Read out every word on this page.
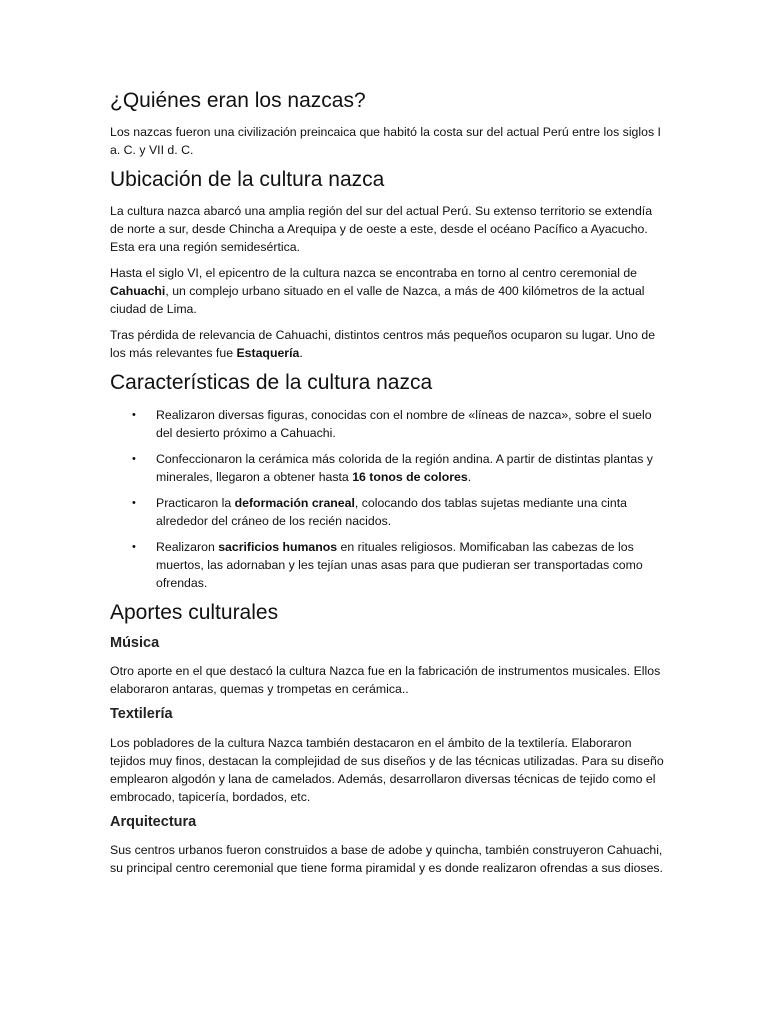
¿Quiénes eran los nazcas?

Los nazcas fueron una civilización preincaica que habitó la costa sur del actual Perú entre los siglos I a. C. y VII d. C.

Ubicación de la cultura nazca

La cultura nazca abarcó una amplia región del sur del actual Perú. Su extenso territorio se extendía de norte a sur, desde Chincha a Arequipa y de oeste a este, desde el océano Pacífico a Ayacucho. Esta era una región semidesértica.

Hasta el siglo VI, el epicentro de la cultura nazca se encontraba en torno al centro ceremonial de Cahuachi, un complejo urbano situado en el valle de Nazca, a más de 400 kilómetros de la actual ciudad de Lima.

Tras pérdida de relevancia de Cahuachi, distintos centros más pequeños ocuparon su lugar. Uno de los más relevantes fue Estaquería.

Características de la cultura nazca
• Realizaron diversas figuras, conocidas con el nombre de «líneas de nazca», sobre el suelo del desierto próximo a Cahuachi.
• Confeccionaron la cerámica más colorida de la región andina. A partir de distintas plantas y minerales, llegaron a obtener hasta 16 tonos de colores.
• Practicaron la deformación craneal, colocando dos tablas sujetas mediante una cinta alrededor del cráneo de los recién nacidos.
• Realizaron sacrificios humanos en rituales religiosos. Momificaban las cabezas de los muertos, las adornaban y les tejían unas asas para que pudieran ser transportadas como ofrendas.
Aportes culturales
Música

Otro aporte en el que destacó la cultura Nazca fue en la fabricación de instrumentos musicales. Ellos elaboraron antaras, quemas y trompetas en cerámica..

Textilería

Los pobladores de la cultura Nazca también destacaron en el ámbito de la textilería. Elaboraron tejidos muy finos, destacan la complejidad de sus diseños y de las técnicas utilizadas. Para su diseño emplearon algodón y lana de camelados. Además, desarrollaron diversas técnicas de tejido como el embrocado, tapicería, bordados, etc.

Arquitectura

Sus centros urbanos fueron construidos a base de adobe y quincha, también construyeron Cahuachi, su principal centro ceremonial que tiene forma piramidal y es donde realizaron ofrendas a sus dioses.
